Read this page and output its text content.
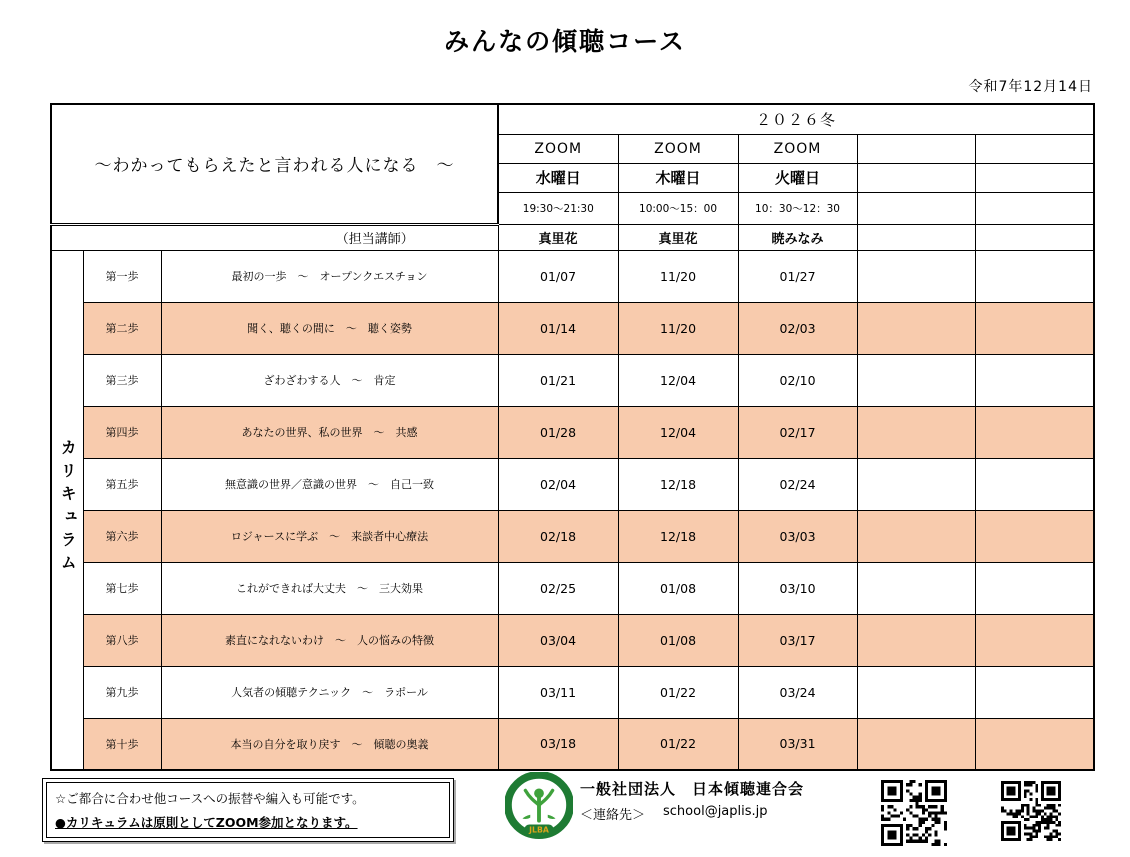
みんなの傾聴コース
令和7年12月14日
～わかってもらえたと言われる人になる　～			２０２６冬				
			ZOOM	ZOOM	ZOOM		
			水曜日	木曜日	火曜日		
			19:30～21:30	10:00～15：00	10：30～12：30		
（担当講師）			真里花	真里花	暁みなみ		
カリキュラム	第一歩	最初の一歩　～　オープンクエスチョン	01/07	11/20	01/27		
	第二歩	聞く、聴くの間に　～　聴く姿勢	01/14	11/20	02/03		
	第三歩	ざわざわする人　～　肯定	01/21	12/04	02/10		
	第四歩	あなたの世界、私の世界　～　共感	01/28	12/04	02/17		
	第五歩	無意識の世界／意識の世界　～　自己一致	02/04	12/18	02/24		
	第六歩	ロジャースに学ぶ　～　来談者中心療法	02/18	12/18	03/03		
	第七歩	これができれば大丈夫　～　三大効果	02/25	01/08	03/10		
	第八歩	素直になれないわけ　～　人の悩みの特徴	03/04	01/08	03/17		
	第九歩	人気者の傾聴テクニック　～　ラポール	03/11	01/22	03/24		
	第十歩	本当の自分を取り戻す　～　傾聴の奥義	03/18	01/22	03/31		
☆ご都合に合わせ他コースへの振替や編入も可能です。
●カリキュラムは原則としてZOOM参加となります。
JLBA
一般社団法人　日本傾聴連合会
＜連絡先＞ school@japlis.jp
